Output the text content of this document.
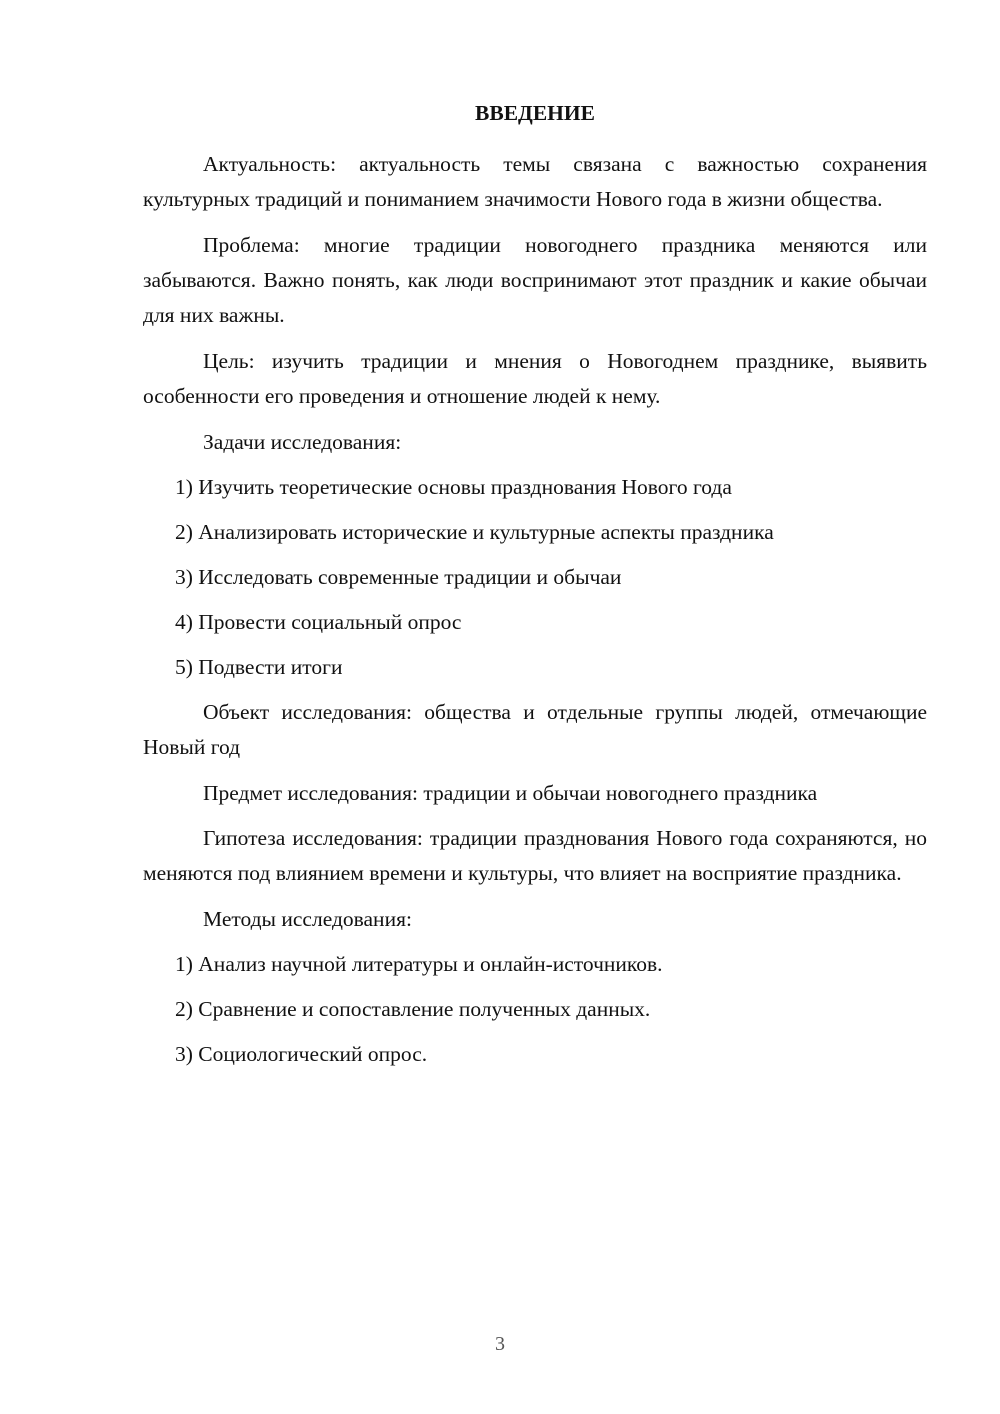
ВВЕДЕНИЕ

Актуальность: актуальность темы связана с важностью сохранения культурных традиций и пониманием значимости Нового года в жизни общества.

Проблема: многие традиции новогоднего праздника меняются или забываются. Важно понять, как люди воспринимают этот праздник и какие обычаи для них важны.

Цель: изучить традиции и мнения о Новогоднем празднике, выявить особенности его проведения и отношение людей к нему.

Задачи исследования:

1) Изучить теоретические основы празднования Нового года
2) Анализировать исторические и культурные аспекты праздника
3) Исследовать современные традиции и обычаи
4) Провести социальный опрос
5) Подвести итоги

Объект исследования: общества и отдельные группы людей, отмечающие Новый год

Предмет исследования: традиции и обычаи новогоднего праздника

Гипотеза исследования: традиции празднования Нового года сохраняются, но меняются под влиянием времени и культуры, что влияет на восприятие праздника.

Методы исследования:

1) Анализ научной литературы и онлайн-источников.
2) Сравнение и сопоставление полученных данных.
3) Социологический опрос.
3
